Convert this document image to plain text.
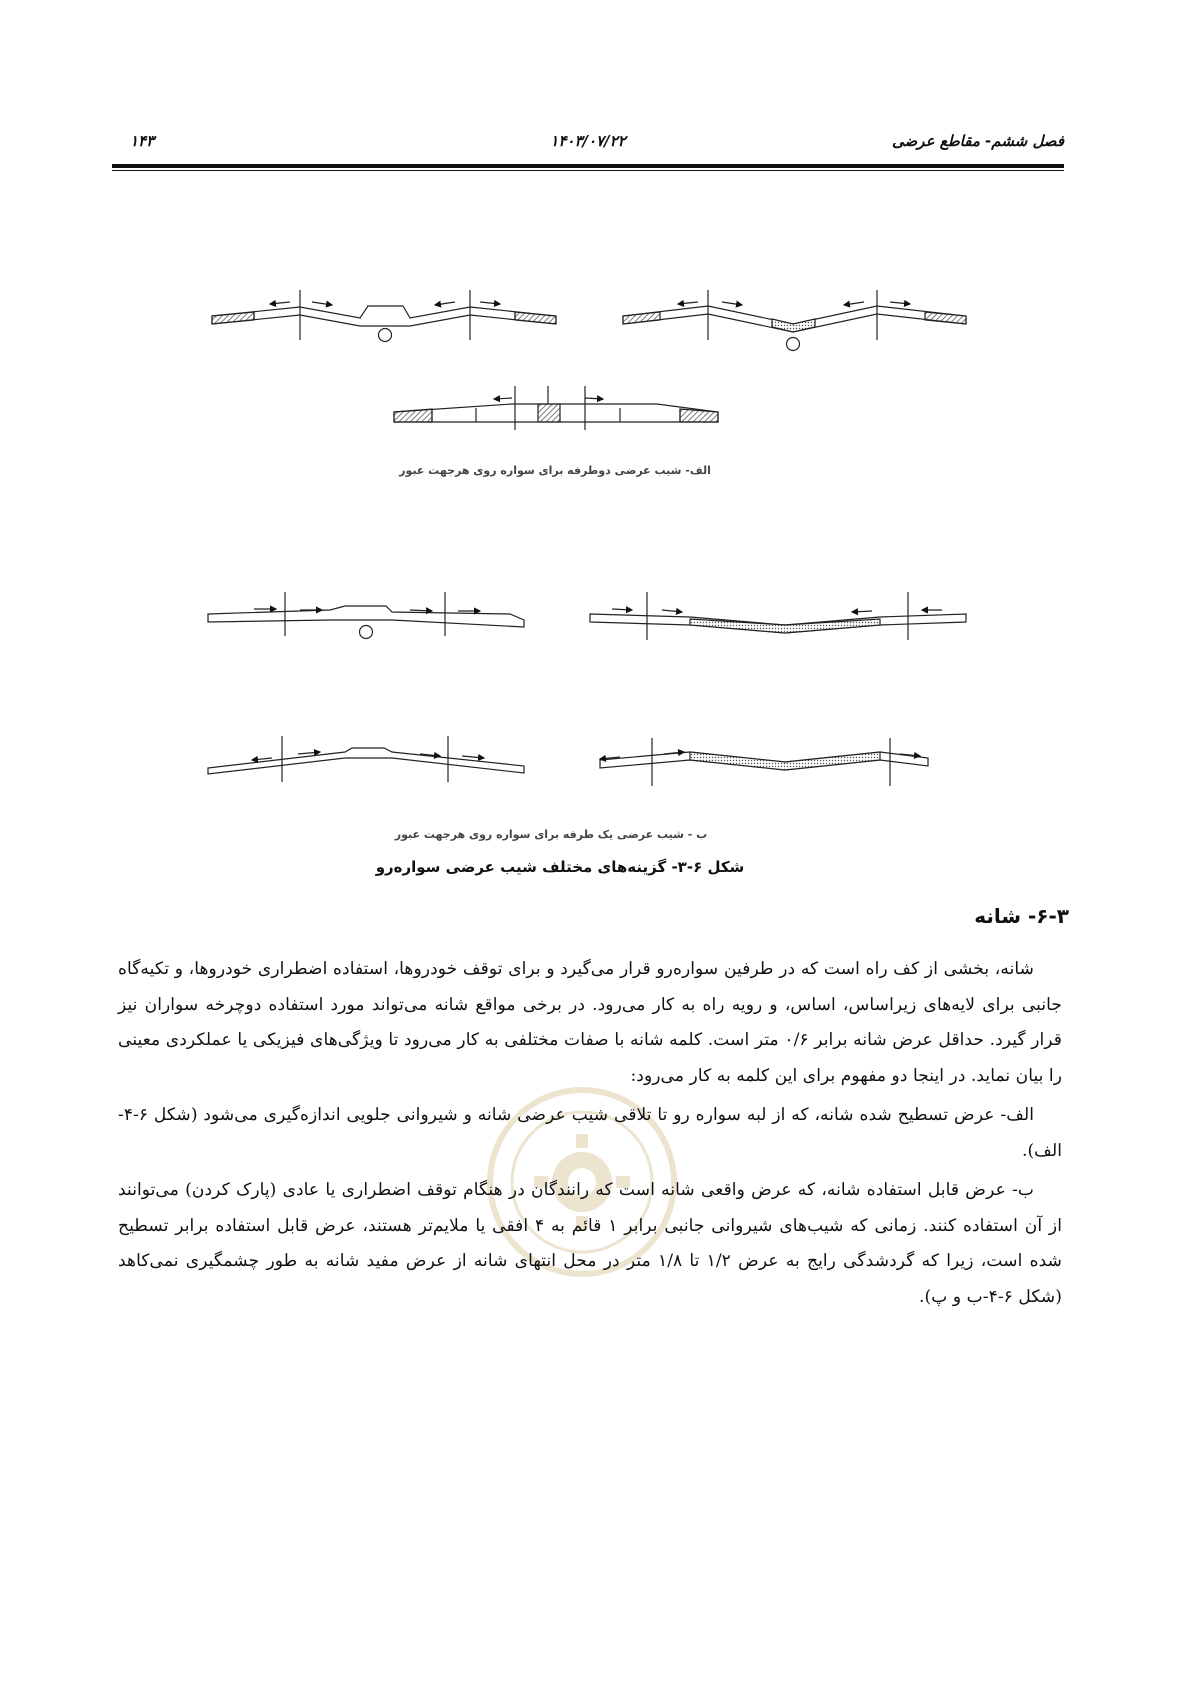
فصل ششم- مقاطع عرضی
۱۴۰۳/۰۷/۲۲
۱۴۳
الف- شیب عرضی دوطرفه برای سواره روی هرجهت عبور
ب - شیب عرضی یک طرفه برای سواره روی هرجهت عبور
شکل ۶-۳- گزینه‌های مختلف شیب عرضی سواره‌رو
۶-۳- شانه

شانه، بخشی از کف راه است که در طرفین سواره‌رو قرار می‌گیرد و برای توقف خودروها، استفاده اضطراری خودروها، و تکیه‌گاه جانبی برای لایه‌های زیراساس، اساس، و رویه راه به کار می‌رود. در برخی مواقع شانه می‌تواند مورد استفاده دوچرخه سواران نیز قرار گیرد. حداقل عرض شانه برابر ۰/۶ متر است. کلمه شانه با صفات مختلفی به کار می‌رود تا ویژگی‌های فیزیکی یا عملکردی معینی را بیان نماید. در اینجا دو مفهوم برای این کلمه به کار می‌رود:

الف- عرض تسطیح شده شانه، که از لبه سواره رو تا تلاقی شیب عرضی شانه و شیروانی جلویی اندازه‌گیری می‌شود (شکل ۶-۴-الف).

ب- عرض قابل استفاده شانه، که عرض واقعی شانه است که رانندگان در هنگام توقف اضطراری یا عادی (پارک کردن) می‌توانند از آن استفاده کنند. زمانی که شیب‌های شیروانی جانبی برابر ۱ قائم به ۴ افقی یا ملایم‌تر هستند، عرض قابل استفاده برابر تسطیح شده است، زیرا که گردشدگی رایج به عرض ۱/۲ تا ۱/۸ متر در محل انتهای شانه از عرض مفید شانه به طور چشمگیری نمی‌کاهد (شکل ۶-۴-ب و پ).
